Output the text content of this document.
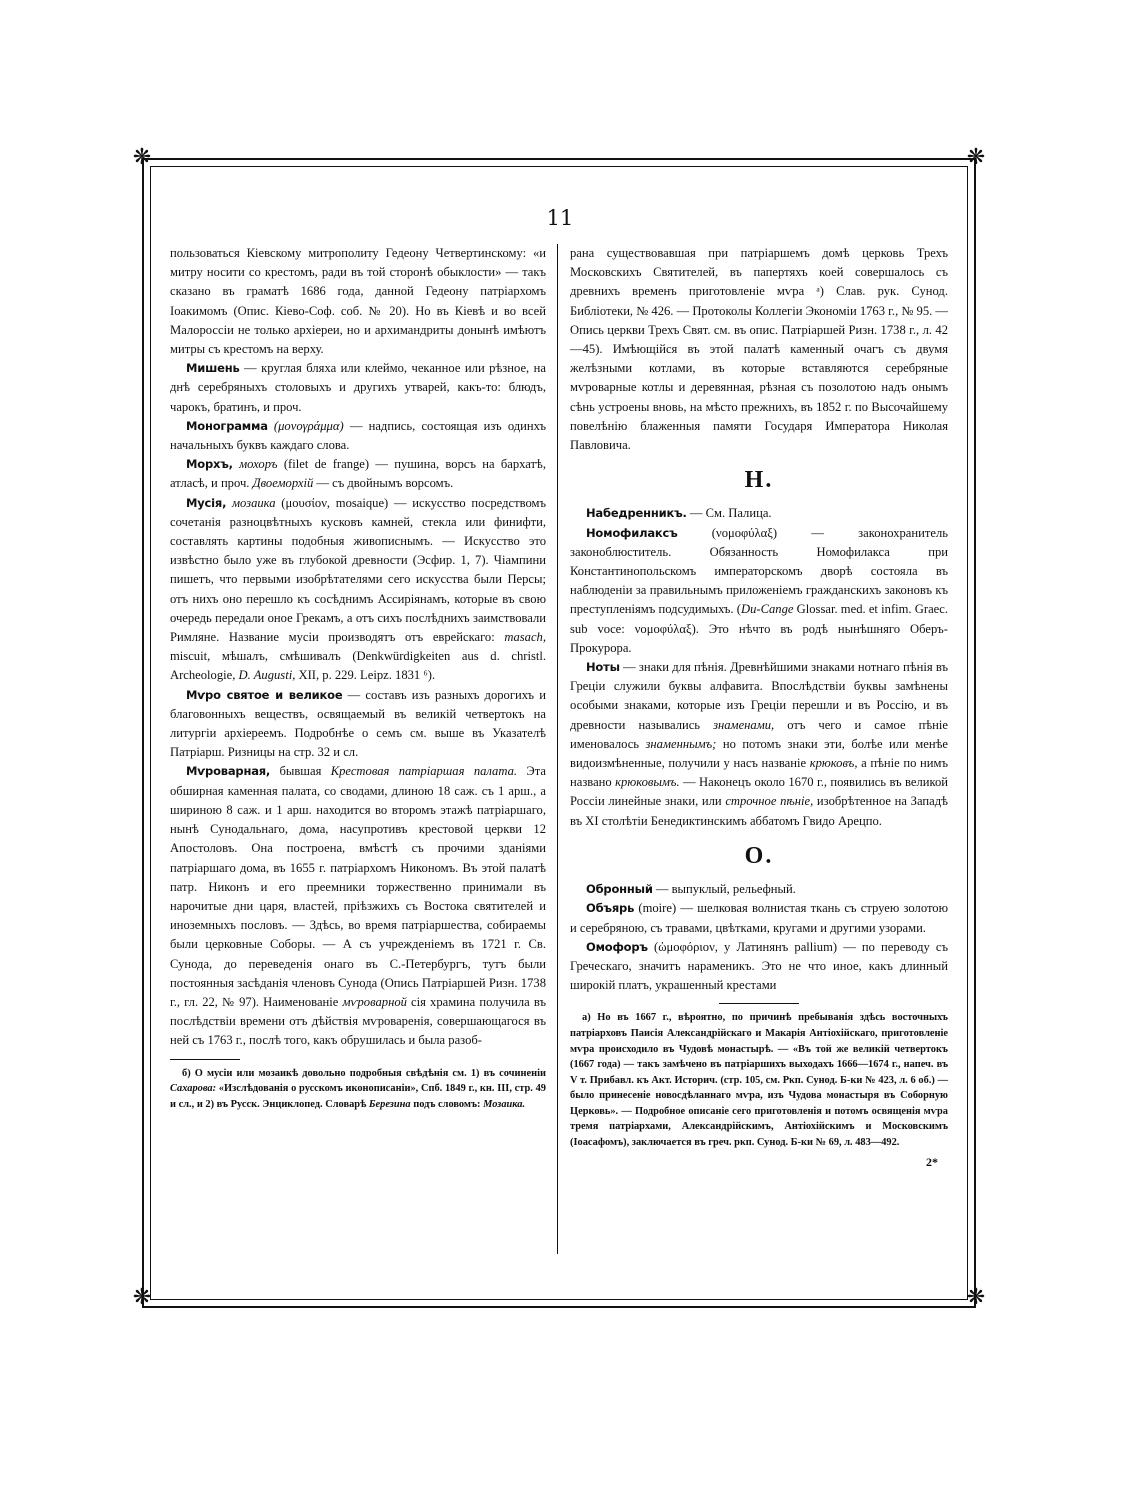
❋	❋
❋	❋
11

пользоваться Кіевскому митрополиту Гедеону Четвертинскому: «и митру носити со крестомъ, ради въ той сторонѣ обыклости» — такъ сказано въ граматѣ 1686 года, данной Гедеону патріархомъ Іоакимомъ (Опис. Кіево-Соф. соб. № 20). Но въ Кіевѣ и во всей Малороссіи не только архіереи, но и архимандриты донынѣ имѣютъ митры съ крестомъ на верху.

Мишень — круглая бляха или клеймо, чеканное или рѣзное, на днѣ серебряныхъ столовыхъ и другихъ утварей, какъ-то: блюдъ, чарокъ, братинъ, и проч.

Монограмма (μονογράμμα) — надпись, состоящая изъ одинхъ начальныхъ буквъ каждаго слова.

Морхъ, мохоръ (filet de frange) — пушина, ворсъ на бархатѣ, атласѣ, и проч. Двоеморхій — съ двойнымъ ворсомъ.

Мусія, мозаика (μουσίον, mosaique) — искусство посредствомъ сочетанія разноцвѣтныхъ кусковъ камней, стекла или финифти, составлять картины подобныя живописнымъ. — Искусство это извѣстно было уже въ глубокой древности (Эсфир. 1, 7). Чіампини пишетъ, что первыми изобрѣтателями сего искусства были Персы; отъ нихъ оно перешло къ сосѣднимъ Ассиріянамъ, которые въ свою очередь передали оное Грекамъ, а отъ сихъ послѣднихъ заимствовали Римляне. Название мусіи производятъ отъ еврейскаго: masach, miscuit, мѣшалъ, смѣшивалъ (Denkwürdigkeiten aus d. christl. Archeologie, D. Augusti, XII, p. 229. Leipz. 1831 ⁶).

Мѵро святое и великое — составъ изъ разныхъ дорогихъ и благовонныхъ веществъ, освящаемый въ великій четвертокъ на литургіи архіереемъ. Подробнѣе о семъ см. выше въ Указателѣ Патріарш. Ризницы на стр. 32 и сл.

Мѵроварная, бывшая Крестовая патріаршая палата. Эта обширная каменная палата, со сводами, длиною 18 саж. съ 1 арш., а шириною 8 саж. и 1 арш. находится во второмъ этажѣ патріаршаго, нынѣ Сунодальнаго, дома, насупротивъ крестовой церкви 12 Апостоловъ. Она построена, вмѣстѣ съ прочими зданіями патріаршаго дома, въ 1655 г. патріархомъ Никономъ. Въ этой палатѣ патр. Никонъ и его преемники торжественно принимали въ нарочитые дни царя, властей, пріѣзжихъ съ Востока святителей и иноземныхъ пословъ. — Здѣсь, во время патріаршества, собираемы были церковные Соборы. — А съ учрежденіемъ въ 1721 г. Св. Сунода, до переведенія онаго въ С.-Петербургъ, тутъ были постоянныя засѣданія членовъ Сунода (Опись Патріаршей Ризн. 1738 г., гл. 22, № 97). Наименованіе мѵроварной сія храмина получила въ послѣдствіи времени отъ дѣйствія мѵроваренія, совершающагося въ ней съ 1763 г., послѣ того, какъ обрушилась и была разоб-

б) О мусіи или мозаикѣ довольно подробныя свѣдѣнія см. 1) въ сочиненіи Сахарова: «Изслѣдованія о русскомъ иконописаніи», Спб. 1849 г., кн. III, стр. 49 и сл., и 2) въ Русск. Энциклопед. Словарѣ Березина подъ словомъ: Мозаика.

рана существовавшая при патріаршемъ домѣ церковь Трехъ Московскихъ Святителей, въ папертяхъ коей совершалось съ древнихъ временъ приготовленіе мѵра ᵃ) Слав. рук. Сунод. Библіотеки, № 426. — Протоколы Коллегіи Экономіи 1763 г., № 95. — Опись церкви Трехъ Свят. см. въ опис. Патріаршей Ризн. 1738 г., л. 42—45). Имѣющійся въ этой палатѣ каменный очагъ съ двумя желѣзными котлами, въ которые вставляются серебряные мѵроварные котлы и деревянная, рѣзная съ позолотою надъ онымъ сѣнь устроены вновь, на мѣсто прежнихъ, въ 1852 г. по Высочайшему повелѣнію блаженныя памяти Государя Императора Николая Павловича.

Н.

Набедренникъ. — См. Палица.

Номофилаксъ (νομοφύλαξ) — законохранитель законоблюститель. Обязанность Номофилакса при Константинопольскомъ императорскомъ дворѣ состояла въ наблюденіи за правильнымъ приложеніемъ гражданскихъ законовъ къ преступленіямъ подсудимыхъ. (Du-Cange Glossar. med. et infim. Graec. sub voce: νομοφύλαξ). Это нѣчто въ родѣ нынѣшняго Оберъ-Прокурора.

Ноты — знаки для пѣнія. Древнѣйшими знаками нотнаго пѣнія въ Греціи служили буквы алфавита. Впослѣдствіи буквы замѣнены особыми знаками, которые изъ Греціи перешли и въ Россію, и въ древности назывались знаменами, отъ чего и самое пѣніе именовалось знаменнымъ; но потомъ знаки эти, болѣе или менѣе видоизмѣненные, получили у насъ названіе крюковъ, а пѣніе по нимъ названо крюковымъ. — Наконецъ около 1670 г., появились въ великой Россіи линейные знаки, или строчное пѣніе, изобрѣтенное на Западѣ въ XI столѣтіи Бенедиктинскимъ аббатомъ Гвидо Арецпо.

О.

Обронный — выпуклый, рельефный.

Объярь (moire) — шелковая волнистая ткань съ струею золотою и серебряною, съ травами, цвѣтками, кругами и другими узорами.

Омофоръ (ὠμοφόριον, у Латинянъ pallium) — по переводу съ Греческаго, значитъ нараменикъ. Это не что иное, какъ длинный широкій платъ, украшенный крестами

а) Но въ 1667 г., вѣроятно, по причинѣ пребыванія здѣсь восточныхъ патріарховъ Паисія Александрійскаго и Макарія Антіохійскаго, приготовленіе мѵра происходило въ Чудовѣ монастырѣ. — «Въ той же великій четвертокъ (1667 года) — такъ замѣчено въ патріаршихъ выходахъ 1666—1674 г., напеч. въ V т. Прибавл. къ Акт. Историч. (стр. 105, см. Рκп. Сунод. Б-ки № 423, л. 6 об.) — было принесеніе новосдѣланнаго мѵра, изъ Чудова монастыря въ Соборную Церковь». — Подробное описаніе сего приготовленія и потомъ освященія мѵра тремя патріархами, Александрійскимъ, Антіохійскимъ и Московскимъ (Іоасафомъ), заключается въ греч. рκп. Сунод. Б-ки № 69, л. 483—492.

2*
